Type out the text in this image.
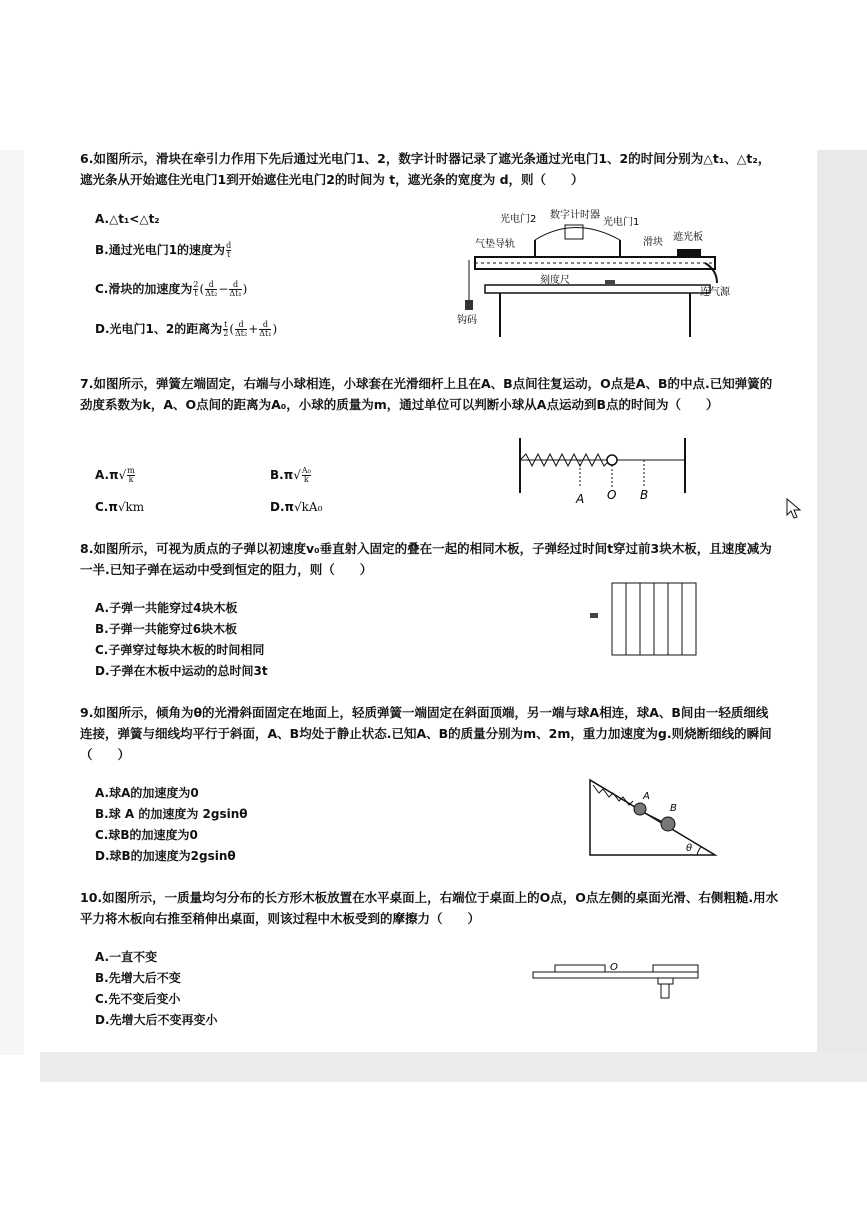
6.如图所示，滑块在牵引力作用下先后通过光电门1、2，数字计时器记录了遮光条通过光电门1、2的时间分别为△t₁、△t₂，遮光条从开始遮住光电门1到开始遮住光电门2的时间为 t，遮光条的宽度为 d，则（　　）
A.△t₁<△t₂
B.通过光电门1的速度为 $\frac{d}{t}$
C.滑块的加速度为 $\frac{2}{t}$ ( $\frac{d}{\text{Δt₂}} - \frac{d}{\text{Δt₁}}$ )
D.光电门1、2的距离为 $\frac{t}{2}$ ( $\frac{d}{\text{Δt₂}} + \frac{d}{\text{Δt₁}}$ )
光电门2 数字计时器
光电门1
气垫导轨	滑块 遮光板
刻度尺
连气源
钩码
7.如图所示，弹簧左端固定，右端与小球相连，小球套在光滑细杆上且在A、B点间往复运动，O点是A、B的中点.已知弹簧的劲度系数为k，A、O点间的距离为A₀，小球的质量为m，通过单位可以判断小球从A点运动到B点的时间为（　　）
$A.\pi√ \frac{m}{k}$
C.π√km
$B.\pi√ \frac{\text{A₀}}{k}$
D.π√kA₀
A O B
8.如图所示，可视为质点的子弹以初速度v₀垂直射入固定的叠在一起的相同木板，子弹经过时间t穿过前3块木板，且速度减为一半.已知子弹在运动中受到恒定的阻力，则（　　）
A.子弹一共能穿过4块木板
B.子弹一共能穿过6块木板
C.子弹穿过每块木板的时间相同
D.子弹在木板中运动的总时间3t
9.如图所示，倾角为θ的光滑斜面固定在地面上，轻质弹簧一端固定在斜面顶端，另一端与球A相连，球A、B间由一轻质细线连接，弹簧与细线均平行于斜面，A、B均处于静止状态.已知A、B的质量分别为m、2m，重力加速度为g.则烧断细线的瞬间（　　）
A.球A的加速度为0
B.球 A 的加速度为 2gsinθ
C.球B的加速度为0
D.球B的加速度为2gsinθ
A
B
θ
10.如图所示，一质量均匀分布的长方形木板放置在水平桌面上，右端位于桌面上的O点，O点左侧的桌面光滑、右侧粗糙.用水平力将木板向右推至稍伸出桌面，则该过程中木板受到的摩擦力（　　）
A.一直不变
B.先增大后不变
C.先不变后变小
D.先增大后不变再变小
O
